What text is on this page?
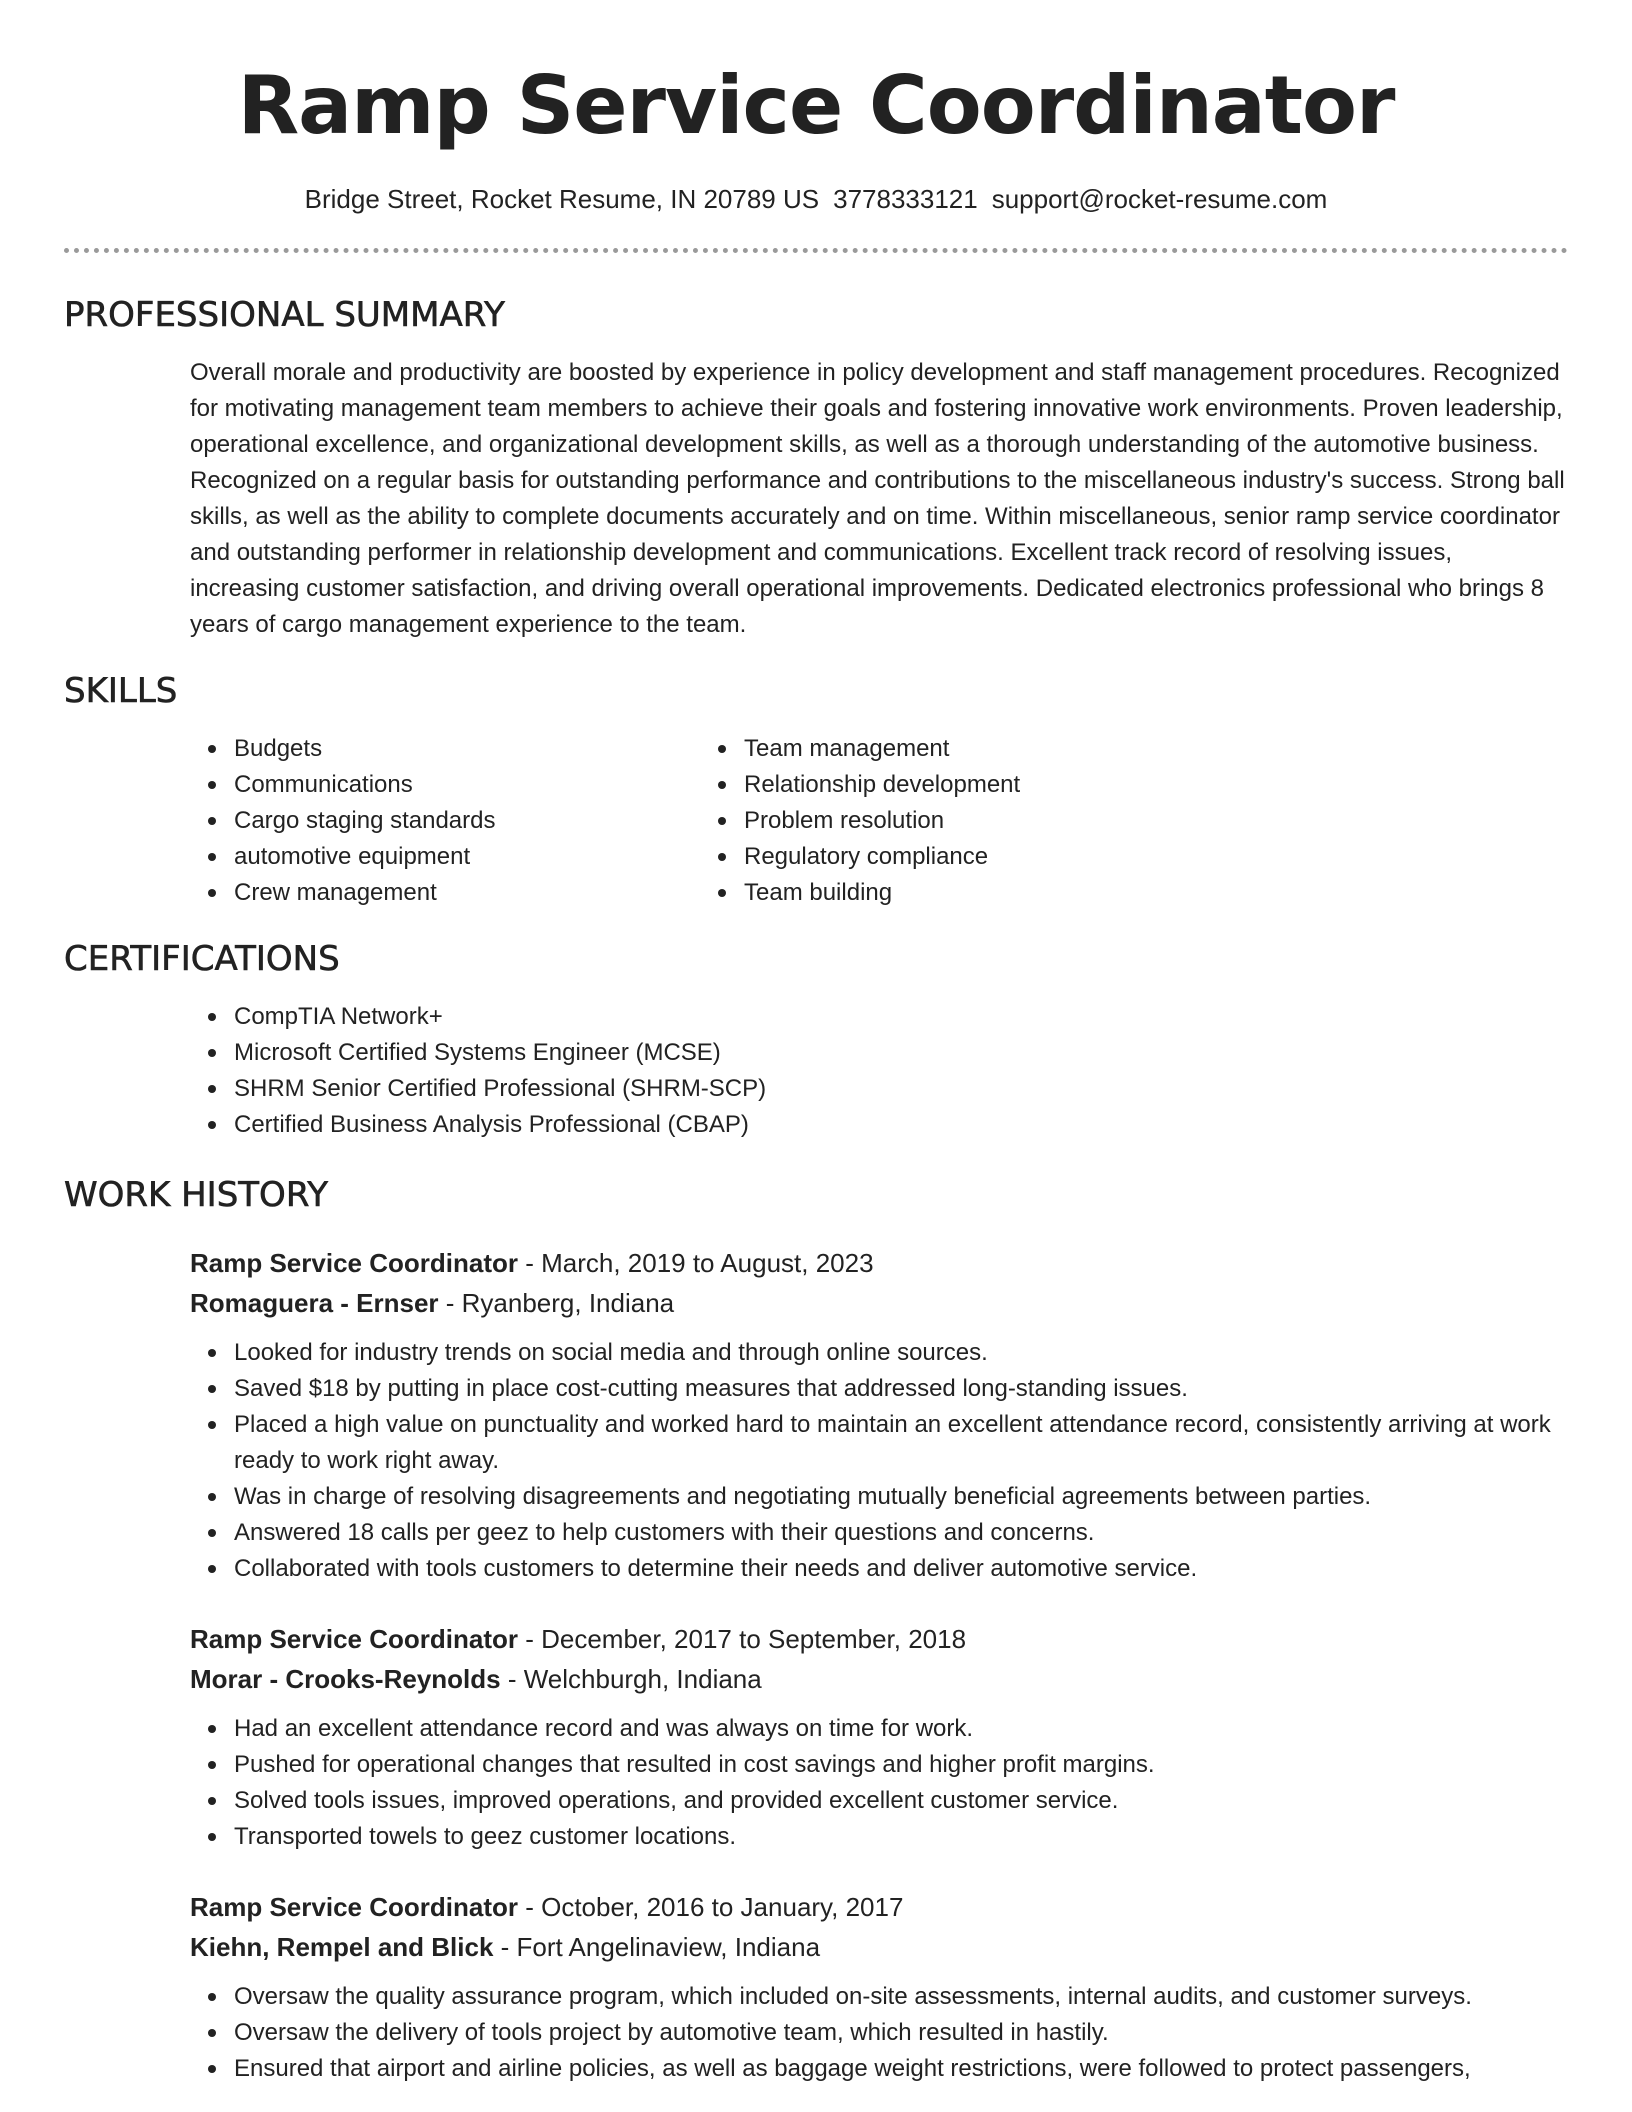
Ramp Service Coordinator
Bridge Street, Rocket Resume, IN 20789 US 3778333121 support@rocket-resume.com
PROFESSIONAL SUMMARY
Overall morale and productivity are boosted by experience in policy development and staff management procedures. Recognized for motivating management team members to achieve their goals and fostering innovative work environments. Proven leadership, operational excellence, and organizational development skills, as well as a thorough understanding of the automotive business. Recognized on a regular basis for outstanding performance and contributions to the miscellaneous industry's success. Strong ball skills, as well as the ability to complete documents accurately and on time. Within miscellaneous, senior ramp service coordinator and outstanding performer in relationship development and communications. Excellent track record of resolving issues, increasing customer satisfaction, and driving overall operational improvements. Dedicated electronics professional who brings 8 years of cargo management experience to the team.
SKILLS
Budgets
Communications
Cargo staging standards
automotive equipment
Crew management
Team management
Relationship development
Problem resolution
Regulatory compliance
Team building
CERTIFICATIONS
CompTIA Network+
Microsoft Certified Systems Engineer (MCSE)
SHRM Senior Certified Professional (SHRM-SCP)
Certified Business Analysis Professional (CBAP)
WORK HISTORY
Ramp Service Coordinator - March, 2019 to August, 2023
Romaguera - Ernser - Ryanberg, Indiana
Looked for industry trends on social media and through online sources.
Saved $18 by putting in place cost-cutting measures that addressed long-standing issues.
Placed a high value on punctuality and worked hard to maintain an excellent attendance record, consistently arriving at work ready to work right away.
Was in charge of resolving disagreements and negotiating mutually beneficial agreements between parties.
Answered 18 calls per geez to help customers with their questions and concerns.
Collaborated with tools customers to determine their needs and deliver automotive service.
Ramp Service Coordinator - December, 2017 to September, 2018
Morar - Crooks-Reynolds - Welchburgh, Indiana
Had an excellent attendance record and was always on time for work.
Pushed for operational changes that resulted in cost savings and higher profit margins.
Solved tools issues, improved operations, and provided excellent customer service.
Transported towels to geez customer locations.
Ramp Service Coordinator - October, 2016 to January, 2017
Kiehn, Rempel and Blick - Fort Angelinaview, Indiana
Oversaw the quality assurance program, which included on-site assessments, internal audits, and customer surveys.
Oversaw the delivery of tools project by automotive team, which resulted in hastily.
Ensured that airport and airline policies, as well as baggage weight restrictions, were followed to protect passengers,
